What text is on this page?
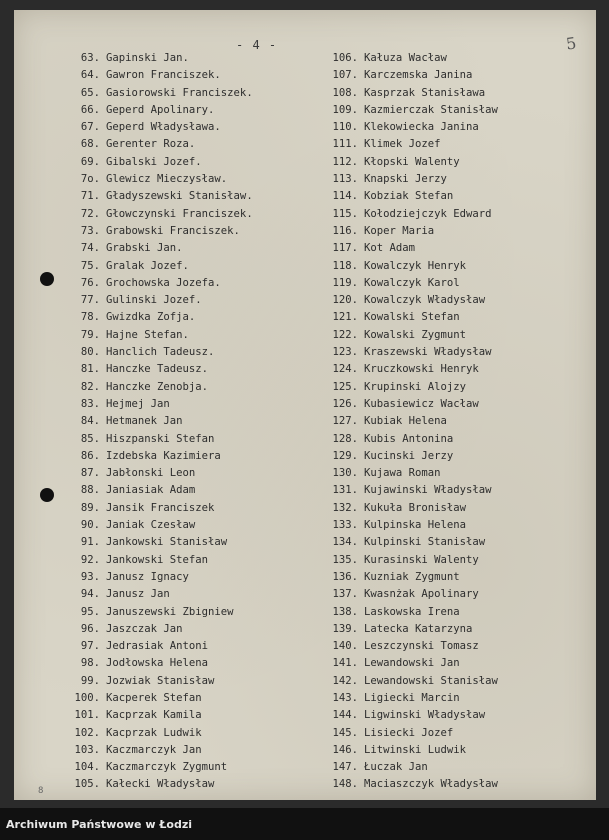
- 4 -	5
8
63. Gapinski Jan.
64. Gawron Franciszek.
65. Gasiorowski Franciszek.
66. Geperd Apolinary.
67. Geperd Władysława.
68. Gerenter Roza.
69. Gibalski Jozef.
7o. Glewicz Mieczysław.
71. Gładyszewski Stanisław.
72. Głowczynski Franciszek.
73. Grabowski Franciszek.
74. Grabski Jan.
75. Gralak Jozef.
76. Grochowska Jozefa.
77. Gulinski Jozef.
78. Gwizdka Zofja.
79. Hajne Stefan.
80. Hanclich Tadeusz.
81. Hanczke Tadeusz.
82. Hanczke Zenobja.
83. Hejmej Jan
84. Hetmanek Jan
85. Hiszpanski Stefan
86. Izdebska Kazimiera
87. Jabłonski Leon
88. Janiasiak Adam
89. Jansik Franciszek
90. Janiak Czesław
91. Jankowski Stanisław
92. Jankowski Stefan
93. Janusz Ignacy
94. Janusz Jan
95. Januszewski Zbigniew
96. Jaszczak Jan
97. Jedrasiak Antoni
98. Jodłowska Helena
99. Jozwiak Stanisław
100. Kacperek Stefan
101. Kacprzak Kamila
102. Kacprzak Ludwik
103. Kaczmarczyk Jan
104. Kaczmarczyk Zygmunt
105. Kałecki Władysław
106. Kałuza Wacław
107. Karczemska Janina
108. Kasprzak Stanisława
109. Kazmierczak Stanisław
110. Klekowiecka Janina
111. Klimek Jozef
112. Kłopski Walenty
113. Knapski Jerzy
114. Kobziak Stefan
115. Kołodziejczyk Edward
116. Koper Maria
117. Kot Adam
118. Kowalczyk Henryk
119. Kowalczyk Karol
120. Kowalczyk Władysław
121. Kowalski Stefan
122. Kowalski Zygmunt
123. Kraszewski Władysław
124. Kruczkowski Henryk
125. Krupinski Alojzy
126. Kubasiewicz Wacław
127. Kubiak Helena
128. Kubis Antonina
129. Kucinski Jerzy
130. Kujawa Roman
131. Kujawinski Władysław
132. Kukuła Bronisław
133. Kulpinska Helena
134. Kulpinski Stanisław
135. Kurasinski Walenty
136. Kuzniak Zygmunt
137. Kwasnżak Apolinary
138. Laskowska Irena
139. Latecka Katarzyna
140. Leszczynski Tomasz
141. Lewandowski Jan
142. Lewandowski Stanisław
143. Ligiecki Marcin
144. Ligwinski Władysław
145. Lisiecki Jozef
146. Litwinski Ludwik
147. Łuczak Jan
148. Maciaszczyk Władysław
Archiwum Państwowe w Łodzi
